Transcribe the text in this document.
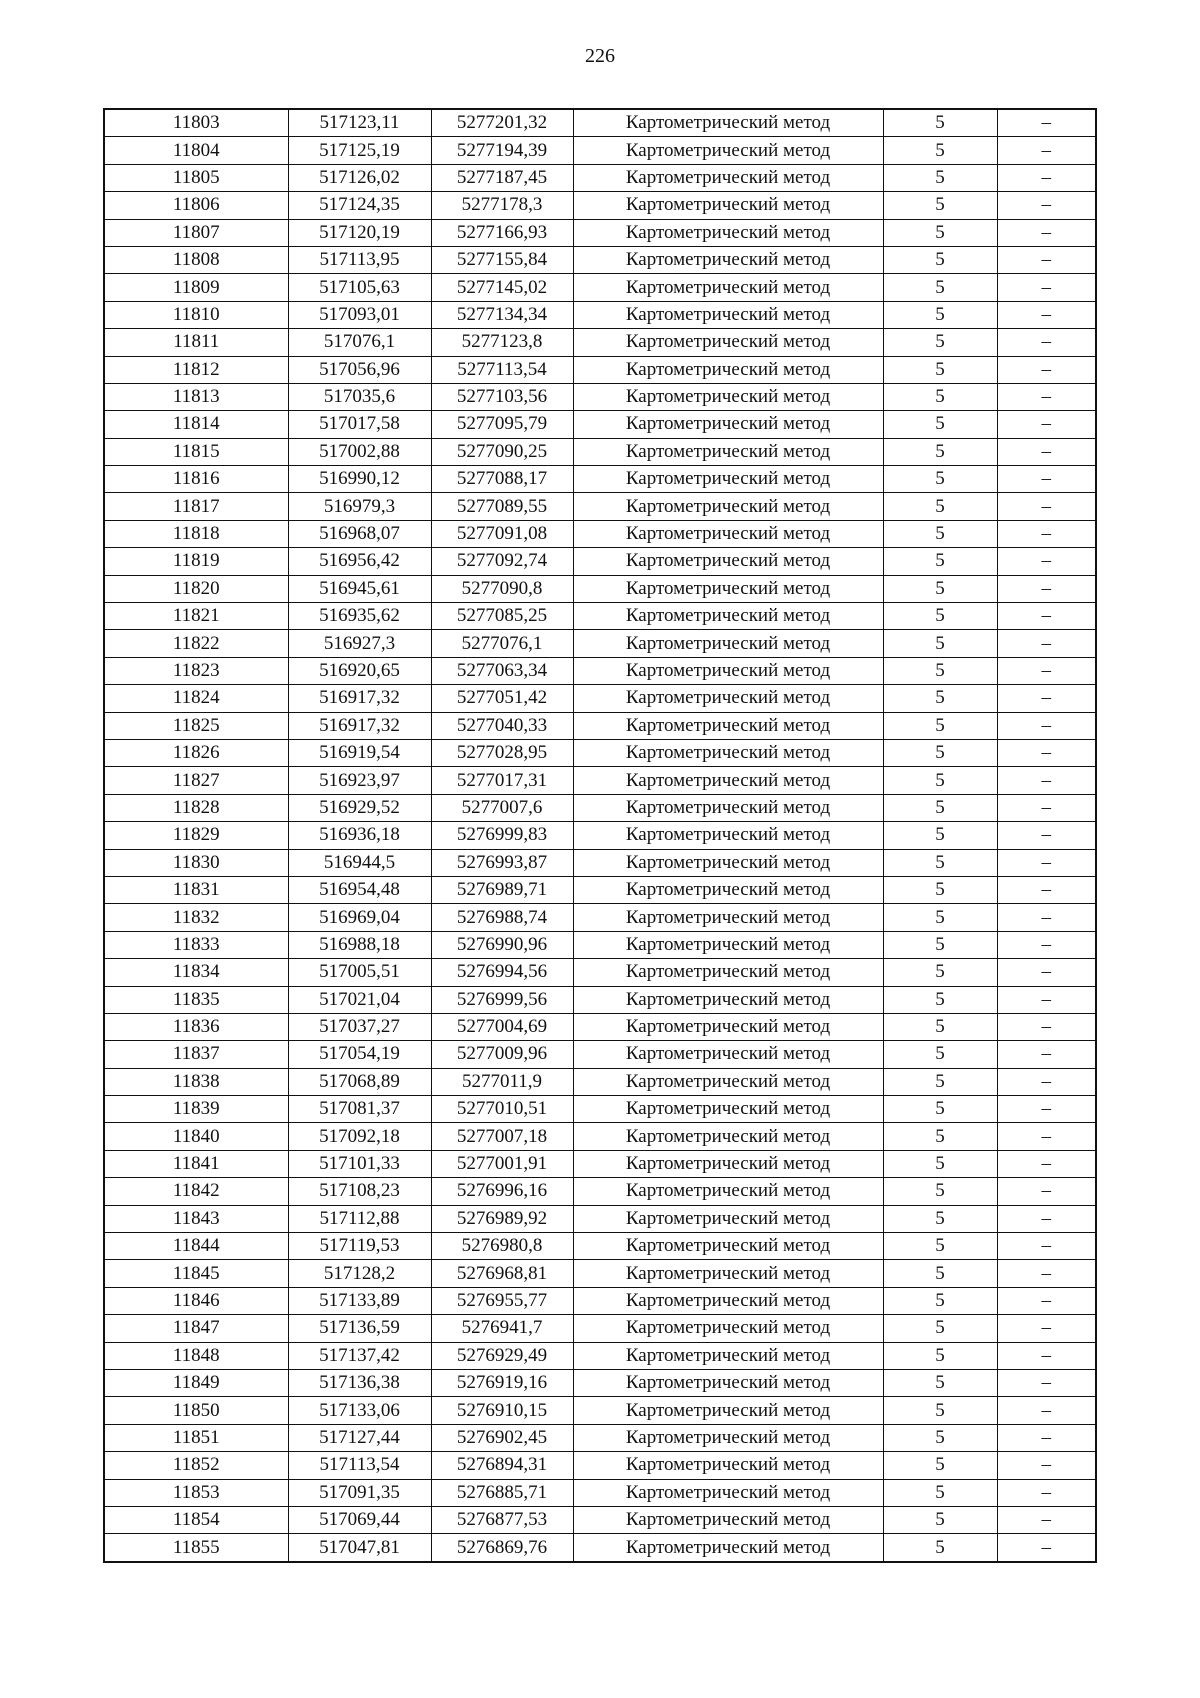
226
11803	517123,11	5277201,32	Картометрический метод	5	–
11804	517125,19	5277194,39	Картометрический метод	5	–
11805	517126,02	5277187,45	Картометрический метод	5	–
11806	517124,35	5277178,3	Картометрический метод	5	–
11807	517120,19	5277166,93	Картометрический метод	5	–
11808	517113,95	5277155,84	Картометрический метод	5	–
11809	517105,63	5277145,02	Картометрический метод	5	–
11810	517093,01	5277134,34	Картометрический метод	5	–
11811	517076,1	5277123,8	Картометрический метод	5	–
11812	517056,96	5277113,54	Картометрический метод	5	–
11813	517035,6	5277103,56	Картометрический метод	5	–
11814	517017,58	5277095,79	Картометрический метод	5	–
11815	517002,88	5277090,25	Картометрический метод	5	–
11816	516990,12	5277088,17	Картометрический метод	5	–
11817	516979,3	5277089,55	Картометрический метод	5	–
11818	516968,07	5277091,08	Картометрический метод	5	–
11819	516956,42	5277092,74	Картометрический метод	5	–
11820	516945,61	5277090,8	Картометрический метод	5	–
11821	516935,62	5277085,25	Картометрический метод	5	–
11822	516927,3	5277076,1	Картометрический метод	5	–
11823	516920,65	5277063,34	Картометрический метод	5	–
11824	516917,32	5277051,42	Картометрический метод	5	–
11825	516917,32	5277040,33	Картометрический метод	5	–
11826	516919,54	5277028,95	Картометрический метод	5	–
11827	516923,97	5277017,31	Картометрический метод	5	–
11828	516929,52	5277007,6	Картометрический метод	5	–
11829	516936,18	5276999,83	Картометрический метод	5	–
11830	516944,5	5276993,87	Картометрический метод	5	–
11831	516954,48	5276989,71	Картометрический метод	5	–
11832	516969,04	5276988,74	Картометрический метод	5	–
11833	516988,18	5276990,96	Картометрический метод	5	–
11834	517005,51	5276994,56	Картометрический метод	5	–
11835	517021,04	5276999,56	Картометрический метод	5	–
11836	517037,27	5277004,69	Картометрический метод	5	–
11837	517054,19	5277009,96	Картометрический метод	5	–
11838	517068,89	5277011,9	Картометрический метод	5	–
11839	517081,37	5277010,51	Картометрический метод	5	–
11840	517092,18	5277007,18	Картометрический метод	5	–
11841	517101,33	5277001,91	Картометрический метод	5	–
11842	517108,23	5276996,16	Картометрический метод	5	–
11843	517112,88	5276989,92	Картометрический метод	5	–
11844	517119,53	5276980,8	Картометрический метод	5	–
11845	517128,2	5276968,81	Картометрический метод	5	–
11846	517133,89	5276955,77	Картометрический метод	5	–
11847	517136,59	5276941,7	Картометрический метод	5	–
11848	517137,42	5276929,49	Картометрический метод	5	–
11849	517136,38	5276919,16	Картометрический метод	5	–
11850	517133,06	5276910,15	Картометрический метод	5	–
11851	517127,44	5276902,45	Картометрический метод	5	–
11852	517113,54	5276894,31	Картометрический метод	5	–
11853	517091,35	5276885,71	Картометрический метод	5	–
11854	517069,44	5276877,53	Картометрический метод	5	–
11855	517047,81	5276869,76	Картометрический метод	5	–
